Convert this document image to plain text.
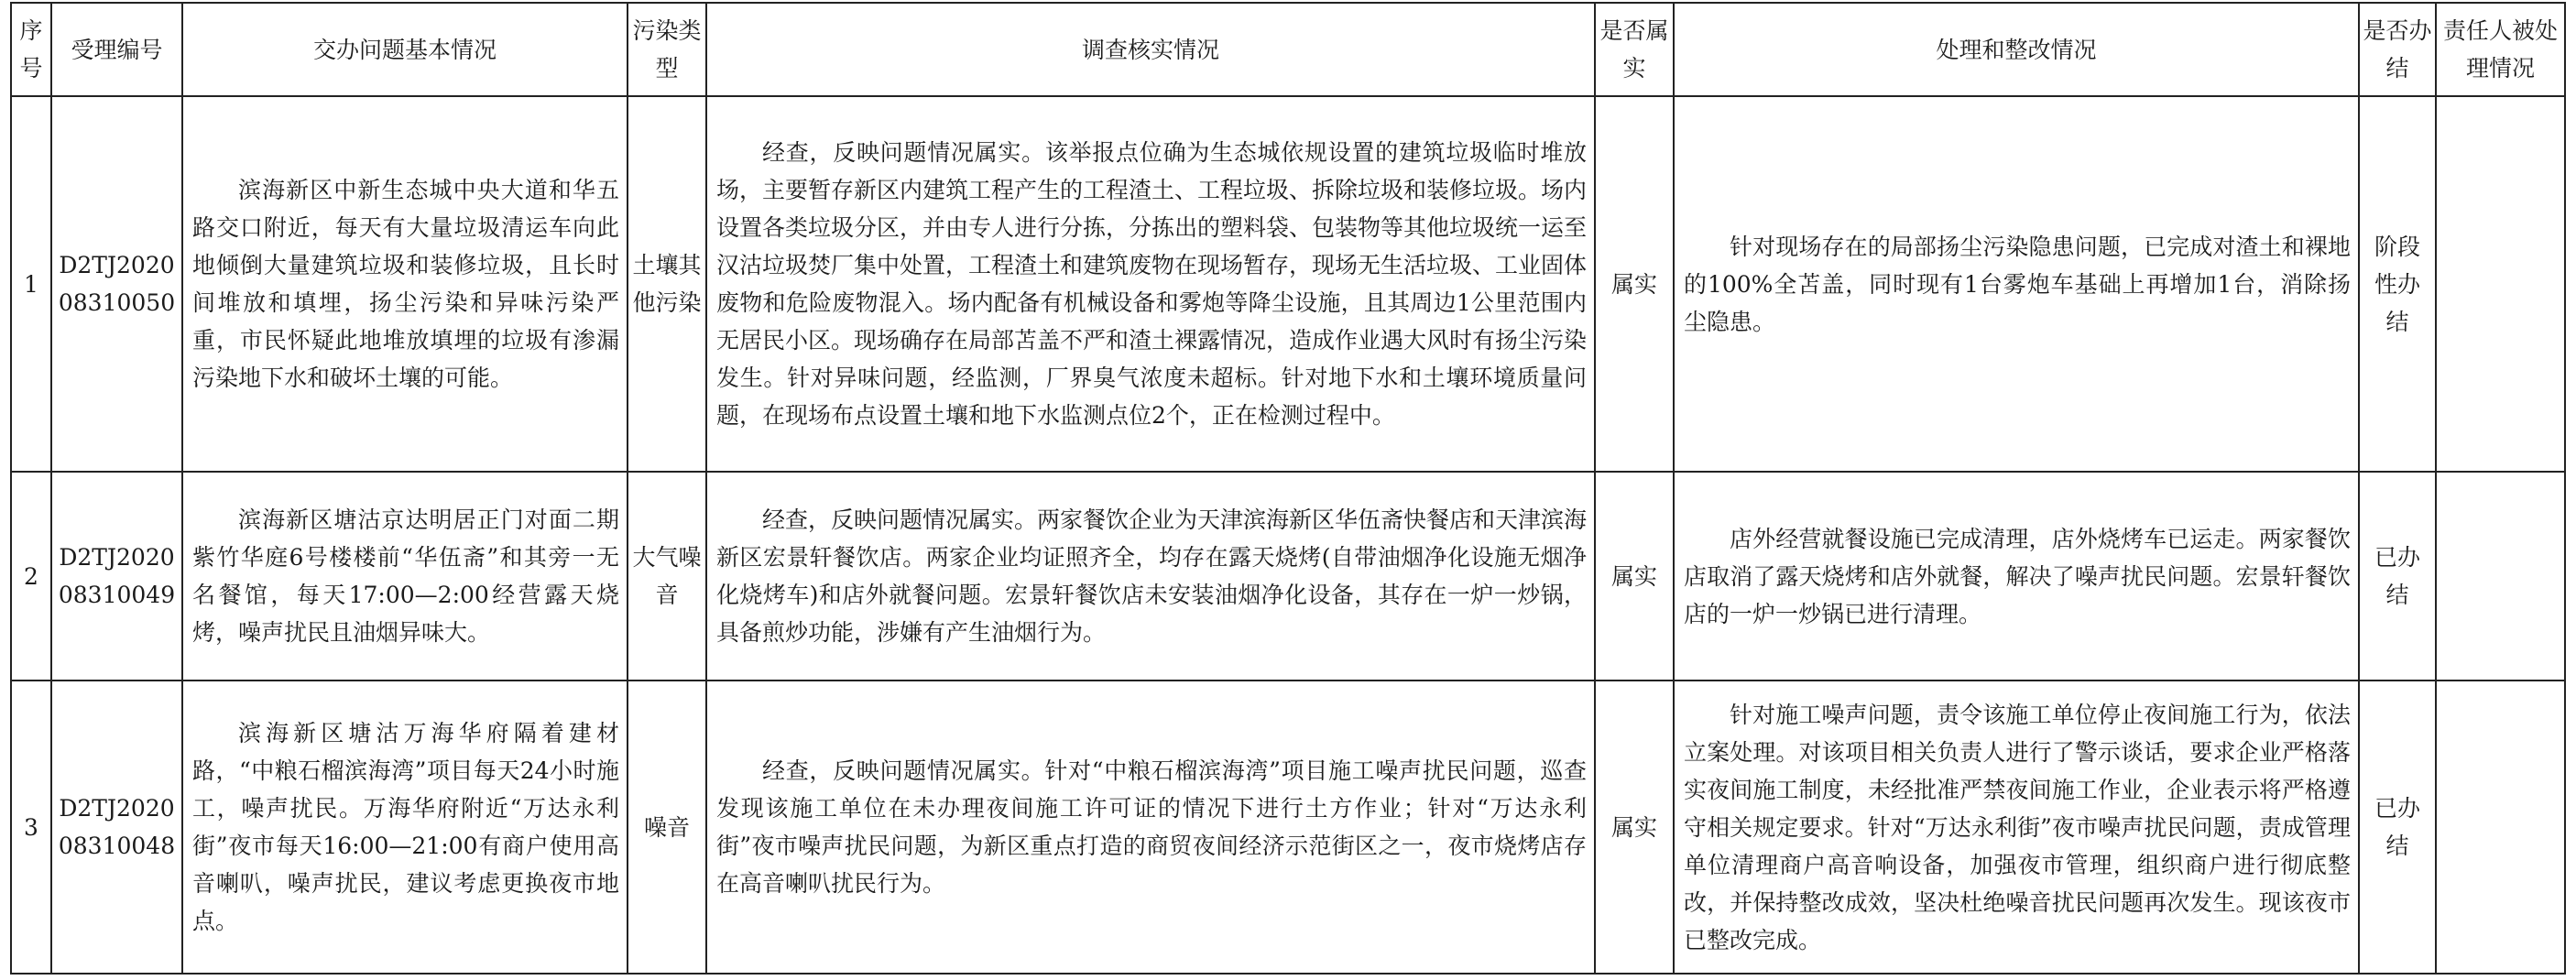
序号	受理编号	交办问题基本情况	污染类型	调查核实情况	是否属实	处理和整改情况	是否办结	责任人被处理情况
1	D2TJ202008310050	滨海新区中新生态城中央大道和华五路交口附近，每天有大量垃圾清运车向此地倾倒大量建筑垃圾和装修垃圾，且长时间堆放和填埋，扬尘污染和异味污染严重，市民怀疑此地堆放填埋的垃圾有渗漏污染地下水和破坏土壤的可能。	土壤其他污染	经查，反映问题情况属实。该举报点位确为生态城依规设置的建筑垃圾临时堆放场，主要暂存新区内建筑工程产生的工程渣土、工程垃圾、拆除垃圾和装修垃圾。场内设置各类垃圾分区，并由专人进行分拣，分拣出的塑料袋、包装物等其他垃圾统一运至汉沽垃圾焚厂集中处置，工程渣土和建筑废物在现场暂存，现场无生活垃圾、工业固体废物和危险废物混入。场内配备有机械设备和雾炮等降尘设施，且其周边1公里范围内无居民小区。现场确存在局部苫盖不严和渣土裸露情况，造成作业遇大风时有扬尘污染发生。针对异味问题，经监测，厂界臭气浓度未超标。针对地下水和土壤环境质量问题，在现场布点设置土壤和地下水监测点位2个，正在检测过程中。	属实	针对现场存在的局部扬尘污染隐患问题，已完成对渣土和裸地的100%全苫盖，同时现有1台雾炮车基础上再增加1台，消除扬尘隐患。	阶段性办结	
2	D2TJ202008310049	滨海新区塘沽京达明居正门对面二期紫竹华庭6号楼楼前“华伍斋”和其旁一无名餐馆，每天17:00—2:00经营露天烧烤，噪声扰民且油烟异味大。	大气噪音	经查，反映问题情况属实。两家餐饮企业为天津滨海新区华伍斋快餐店和天津滨海新区宏景轩餐饮店。两家企业均证照齐全，均存在露天烧烤(自带油烟净化设施无烟净化烧烤车)和店外就餐问题。宏景轩餐饮店未安装油烟净化设备，其存在一炉一炒锅，具备煎炒功能，涉嫌有产生油烟行为。	属实	店外经营就餐设施已完成清理，店外烧烤车已运走。两家餐饮店取消了露天烧烤和店外就餐，解决了噪声扰民问题。宏景轩餐饮店的一炉一炒锅已进行清理。	已办结	
3	D2TJ202008310048	滨海新区塘沽万海华府隔着建材路，“中粮石榴滨海湾”项目每天24小时施工，噪声扰民。万海华府附近“万达永利街”夜市每天16:00—21:00有商户使用高音喇叭，噪声扰民，建议考虑更换夜市地点。	噪音	经查，反映问题情况属实。针对“中粮石榴滨海湾”项目施工噪声扰民问题，巡查发现该施工单位在未办理夜间施工许可证的情况下进行土方作业；针对“万达永利街”夜市噪声扰民问题，为新区重点打造的商贸夜间经济示范街区之一，夜市烧烤店存在高音喇叭扰民行为。	属实	针对施工噪声问题，责令该施工单位停止夜间施工行为，依法立案处理。对该项目相关负责人进行了警示谈话，要求企业严格落实夜间施工制度，未经批准严禁夜间施工作业，企业表示将严格遵守相关规定要求。针对“万达永利街”夜市噪声扰民问题，责成管理单位清理商户高音响设备，加强夜市管理，组织商户进行彻底整改，并保持整改成效，坚决杜绝噪音扰民问题再次发生。现该夜市已整改完成。	已办结	
